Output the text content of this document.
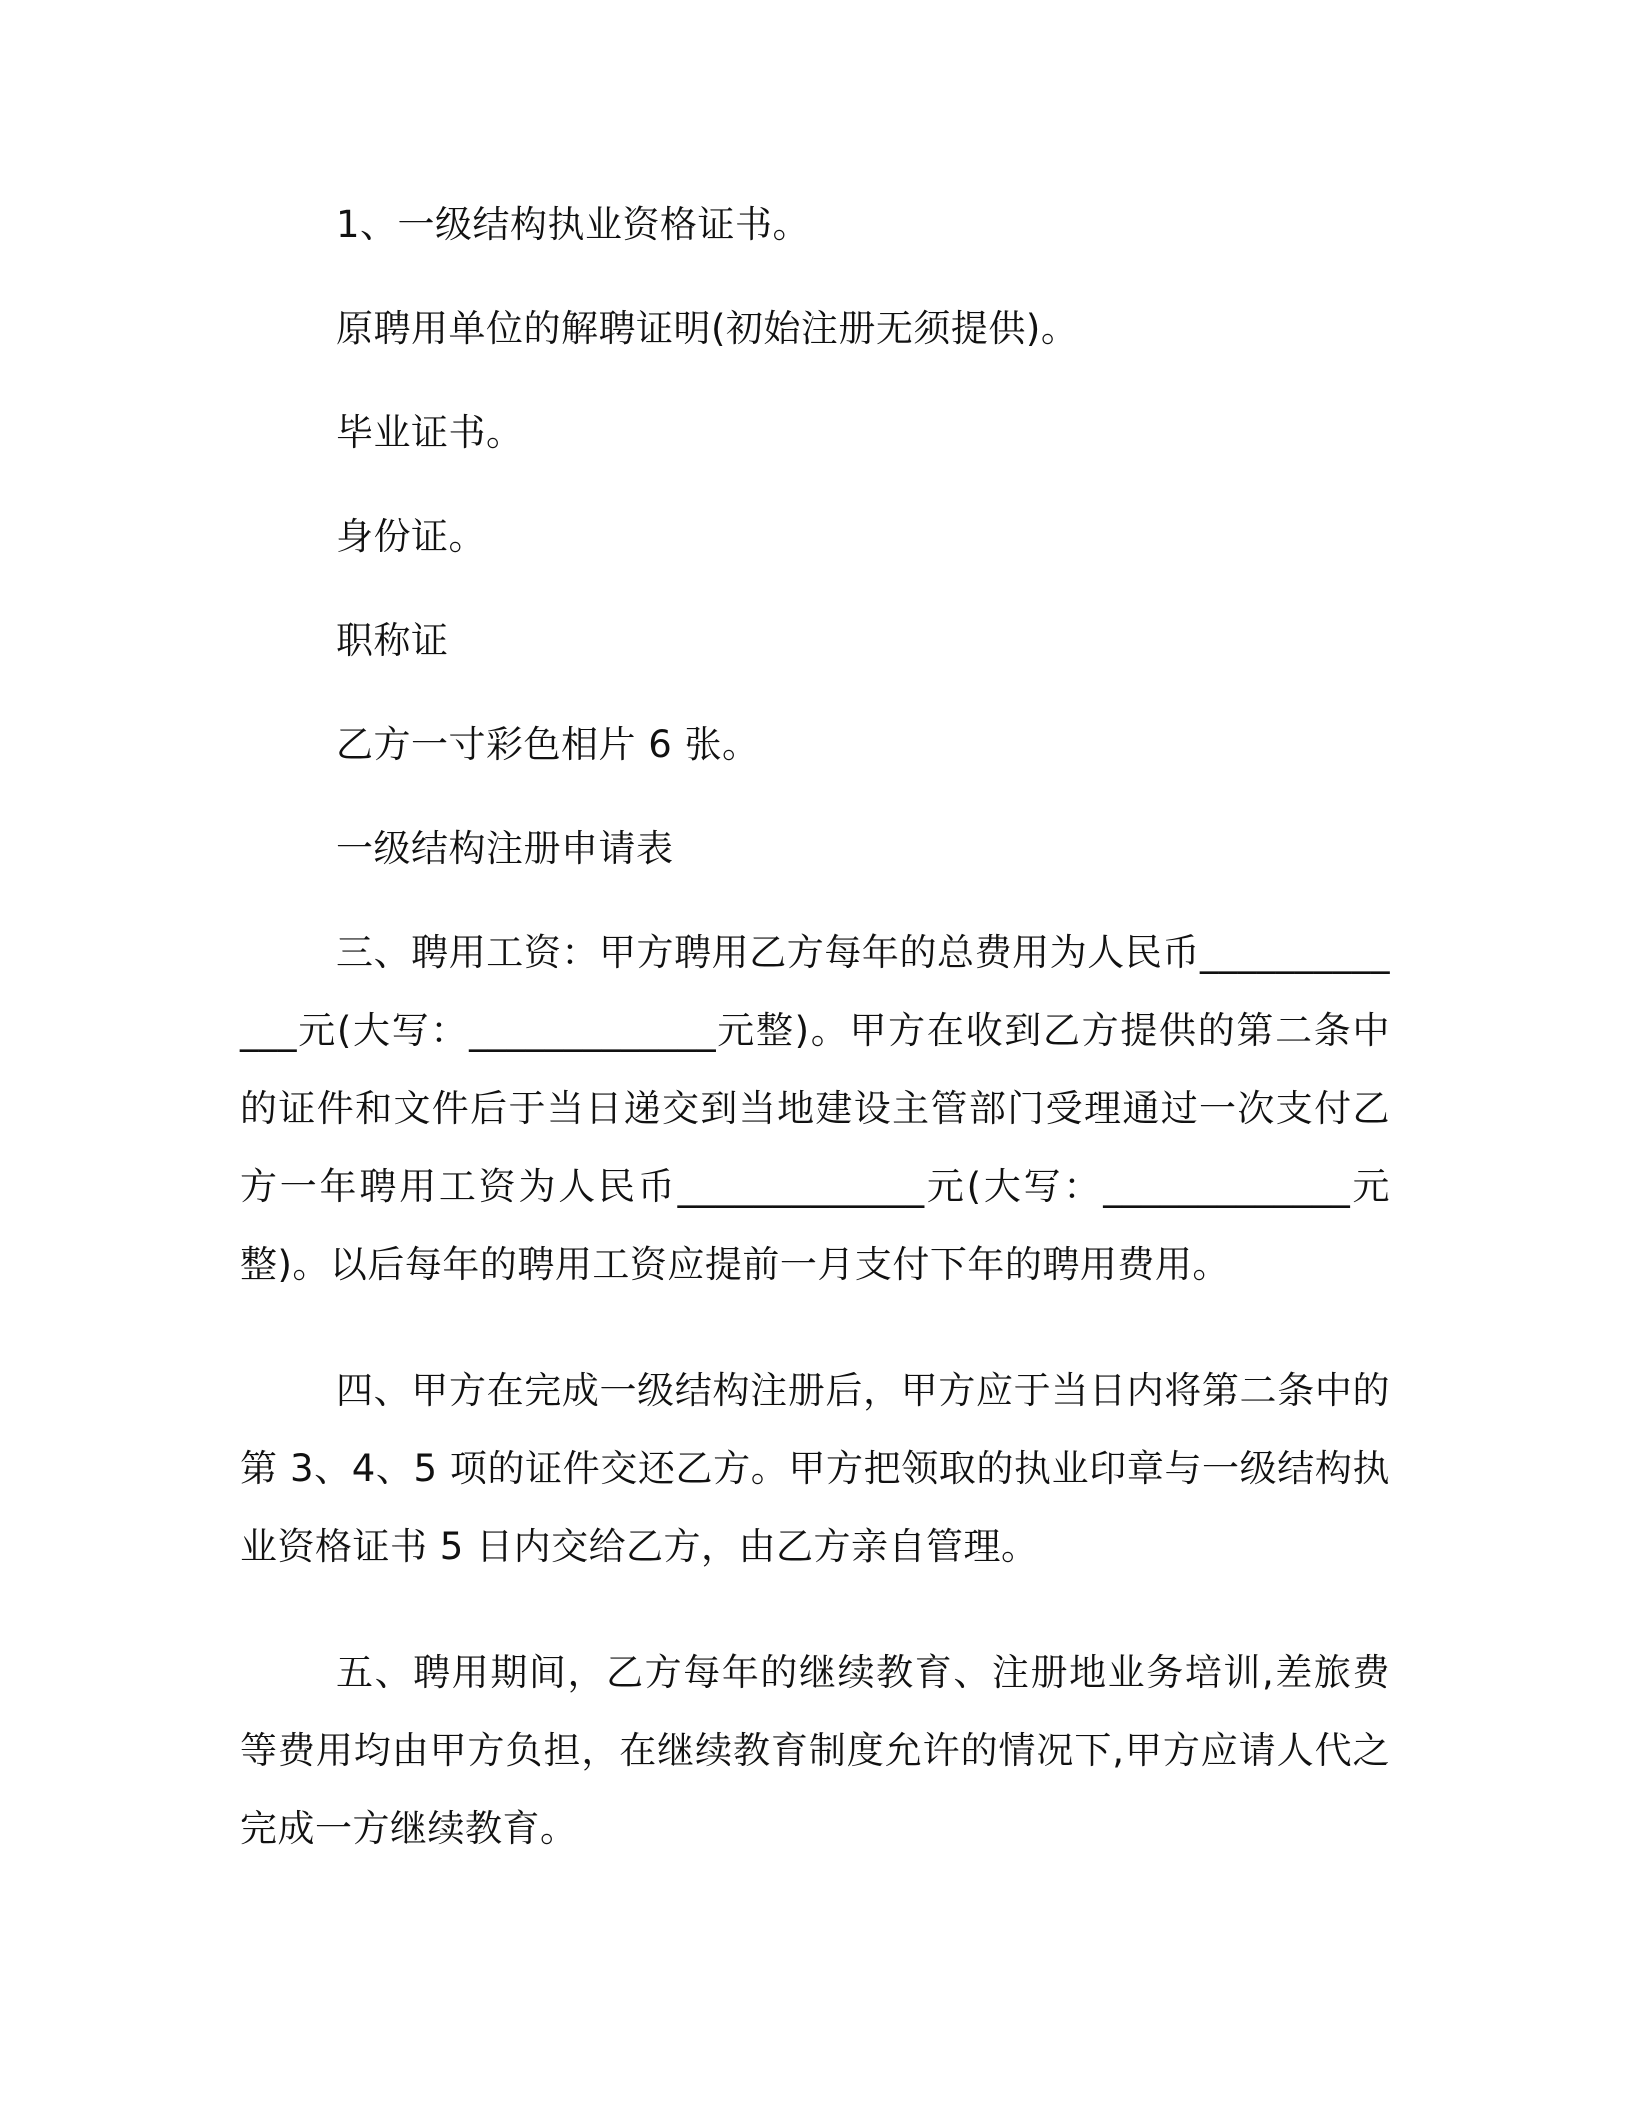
1、一级结构执业资格证书。
原聘用单位的解聘证明(初始注册无须提供)。
毕业证书。
身份证。
职称证
乙方一寸彩色相片 6 张。
一级结构注册申请表

三、聘用工资：甲方聘用乙方每年的总费用为人民币_____________元(大写：_____________元整)。甲方在收到乙方提供的第二条中的证件和文件后于当日递交到当地建设主管部门受理通过一次支付乙方一年聘用工资为人民币_____________元(大写：_____________元整)。以后每年的聘用工资应提前一月支付下年的聘用费用。

四、甲方在完成一级结构注册后，甲方应于当日内将第二条中的第 3、4、5 项的证件交还乙方。甲方把领取的执业印章与一级结构执业资格证书 5 日内交给乙方，由乙方亲自管理。

五、聘用期间，乙方每年的继续教育、注册地业务培训,差旅费等费用均由甲方负担，在继续教育制度允许的情况下,甲方应请人代之完成一方继续教育。
